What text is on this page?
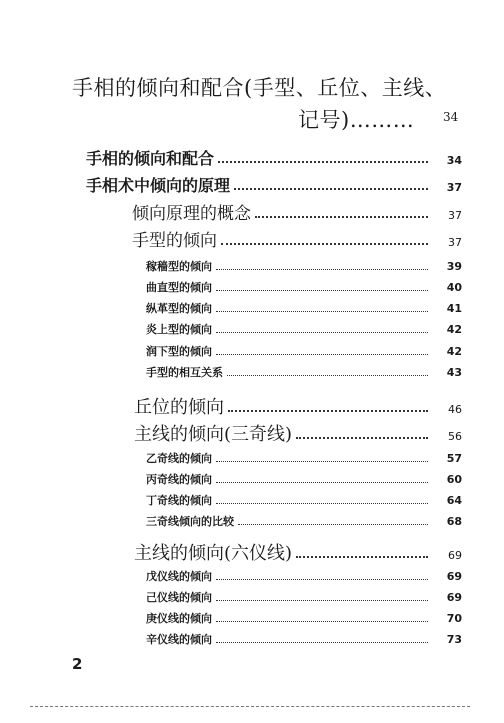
手相的倾向和配合(手型、丘位、主线、
记号)………	34
手相的倾向和配合	34
手相术中倾向的原理	37
倾向原理的概念	37
手型的倾向	37
稼穑型的倾向	39
曲直型的倾向	40
纵革型的倾向	41
炎上型的倾向	42
润下型的倾向	42
手型的相互关系	43
丘位的倾向	46
主线的倾向(三奇线)	56
乙奇线的倾向	57
丙奇线的倾向	60
丁奇线的倾向	64
三奇线倾向的比较	68
主线的倾向(六仪线)	69
戊仪线的倾向	69
己仪线的倾向	69
庚仪线的倾向	70
辛仪线的倾向	73
2
